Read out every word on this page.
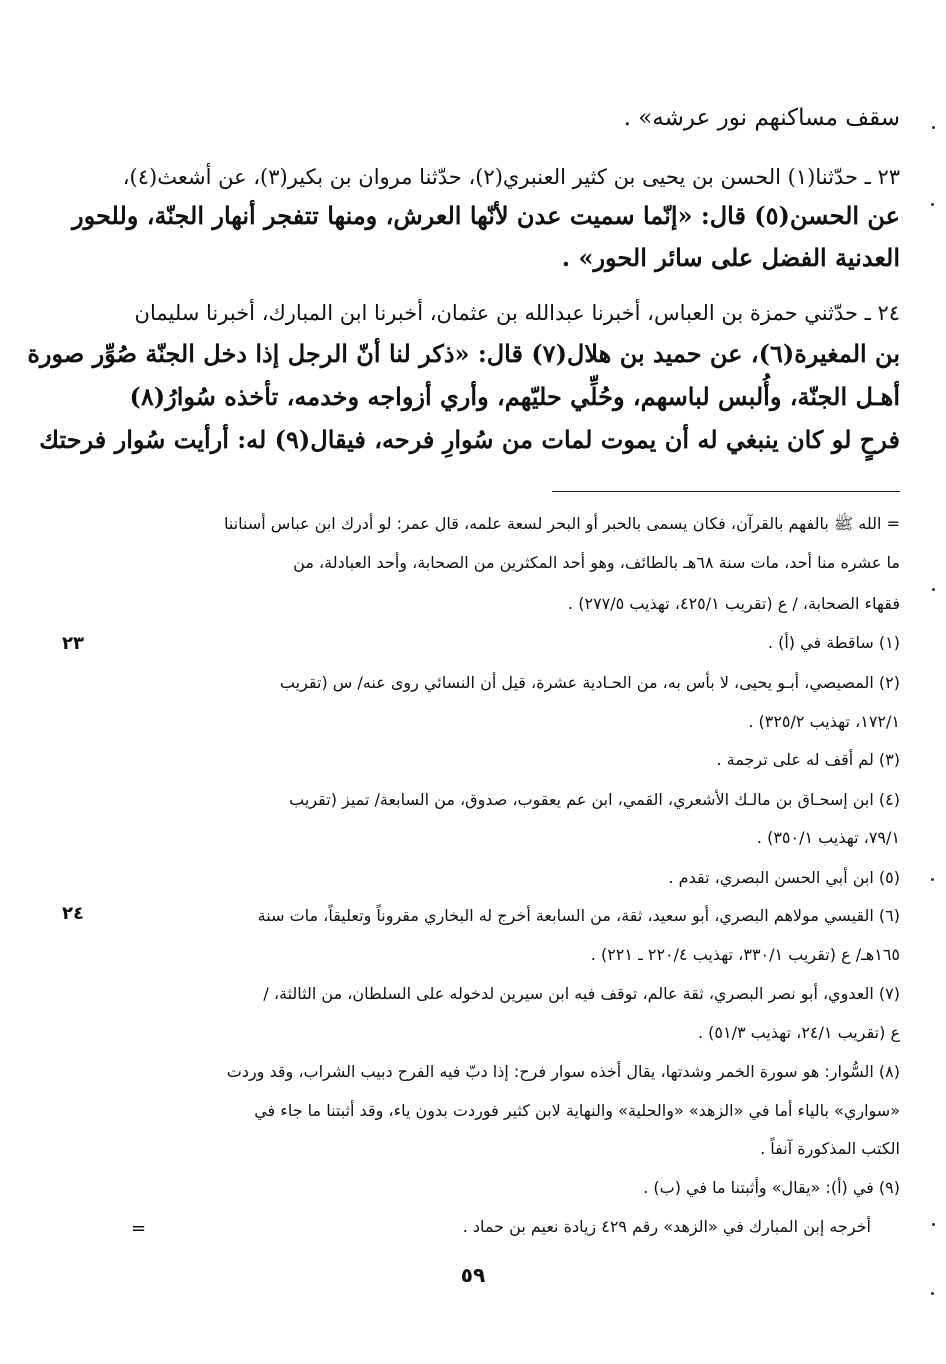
سقف مساكنهم نور عرشه» .
٢٣ ـ حدّثنا(١) الحسن بن يحيى بن كثير العنبري(٢)، حدّثنا مروان بن بكير(٣)، عن أشعث(٤)،
عن الحسن(٥) قال: «إنّما سميت عدن لأنّها العرش، ومنها تتفجر أنهار الجنّة، وللحور
العدنية الفضل على سائر الحور» .
٢٤ ـ حدّثني حمزة بن العباس، أخبرنا عبدالله بن عثمان، أخبرنا ابن المبارك، أخبرنا سليمان
بن المغيرة(٦)، عن حميد بن هلال(٧) قال: «ذكر لنا أنّ الرجل إذا دخل الجنّة صُوِّر صورة
أهـل الجنّة، وأُلبس لباسهم، وحُلِّي حليّهم، وأري أزواجه وخدمه، تأخذه سُوارُ(٨)
فرحٍ لو كان ينبغي له أن يموت لمات من سُوارِ فرحه، فيقال(٩) له: أرأيت سُوار فرحتك
= الله ﷺ بالفهم بالقرآن، فكان يسمى بالحبر أو البحر لسعة علمه، قال عمر: لو أدرك ابن عباس أسناننا
ما عشره منا أحد، مات سنة ٦٨هـ بالطائف، وهو أحد المكثرين من الصحابة، وأحد العبادلة، من
فقهاء الصحابة، / ع (تقريب ٤٢٥/١، تهذيب ٢٧٧/٥) .
(١) ساقطة في (أ) .
(٢) المصيصي، أبـو يحيى، لا بأس به، من الحـادية عشرة، قيل أن النسائي روى عنه/ س (تقريب
١٧٢/١، تهذيب ٣٢٥/٢) .
(٣) لم أقف له على ترجمة .
(٤) ابن إسحـاق بن مالـك الأشعري، القمي، ابن عم يعقوب، صدوق، من السابعة/ تميز (تقريب
٧٩/١، تهذيب ٣٥٠/١) .
(٥) ابن أبي الحسن البصري، تقدم .
(٦) القيسي مولاهم البصري، أبو سعيد، ثقة، من السابعة أخرج له البخاري مقروناً وتعليقاً، مات سنة
١٦٥هـ/ ع (تقريب ٣٣٠/١، تهذيب ٢٢٠/٤ ـ ٢٢١) .
(٧) العدوي، أبو نصر البصري، ثقة عالم، توقف فيه ابن سيرين لدخوله على السلطان، من الثالثة، /
ع (تقريب ٢٤/١، تهذيب ٥١/٣) .
(٨) السُّوار: هو سورة الخمر وشدتها، يقال أخذه سوار فرح: إذا دبّ فيه الفرح دبيب الشراب، وقد وردت
«سواري» بالياء أما في «الزهد» «والحلية» والنهاية لابن كثير فوردت بدون ياء، وقد أثبتنا ما جاء في
الكتب المذكورة آنفاً .
(٩) في (أ): «يقال» وأثبتنا ما في (ب) .
أخرجه إبن المبارك في «الزهد» رقم ٤٢٩ زيادة نعيم بن حماد .
٢٣
٢٤
=
٥٩
